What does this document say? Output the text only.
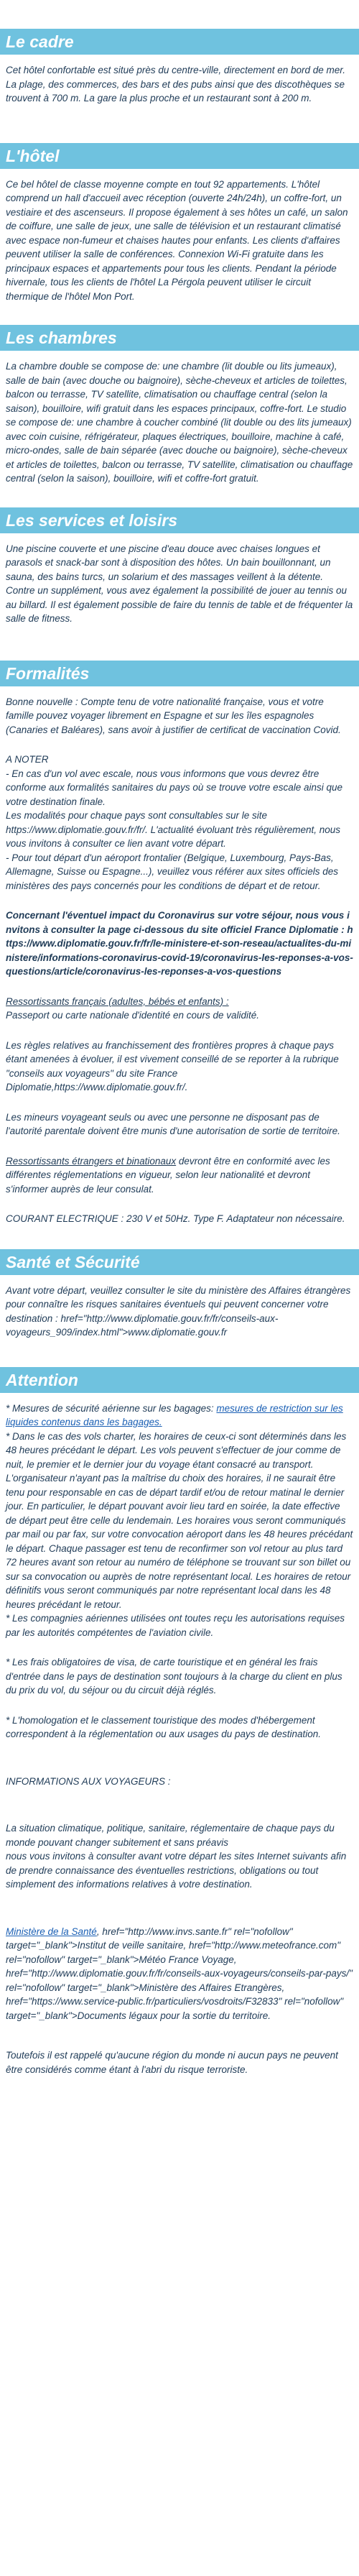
Le cadre

Cet hôtel confortable est situé près du centre-ville, directement en bord de mer. La plage, des commerces, des bars et des pubs ainsi que des discothèques se trouvent à 700 m. La gare la plus proche et un restaurant sont à 200 m.

L'hôtel

Ce bel hôtel de classe moyenne compte en tout 92 appartements. L'hôtel comprend un hall d'accueil avec réception (ouverte 24h/24h), un coffre-fort, un vestiaire et des ascenseurs. Il propose également à ses hôtes un café, un salon de coiffure, une salle de jeux, une salle de télévision et un restaurant climatisé avec espace non-fumeur et chaises hautes pour enfants. Les clients d'affaires peuvent utiliser la salle de conférences. Connexion Wi-Fi gratuite dans les principaux espaces et appartements pour tous les clients. Pendant la période hivernale, tous les clients de l'hôtel La Pérgola peuvent utiliser le circuit thermique de l'hôtel Mon Port.

Les chambres

La chambre double se compose de: une chambre (lit double ou lits jumeaux), salle de bain (avec douche ou baignoire), sèche-cheveux et articles de toilettes, balcon ou terrasse, TV satellite, climatisation ou chauffage central (selon la saison), bouilloire, wifi gratuit dans les espaces principaux, coffre-fort. Le studio se compose de: une chambre à coucher combiné (lit double ou des lits jumeaux) avec coin cuisine, réfrigérateur, plaques électriques, bouilloire, machine à café, micro-ondes, salle de bain séparée (avec douche ou baignoire), sèche-cheveux et articles de toilettes, balcon ou terrasse, TV satellite, climatisation ou chauffage central (selon la saison), bouilloire, wifi et coffre-fort gratuit.

Les services et loisirs

Une piscine couverte et une piscine d'eau douce avec chaises longues et parasols et snack-bar sont à disposition des hôtes. Un bain bouillonnant, un sauna, des bains turcs, un solarium et des massages veillent à la détente. Contre un supplément, vous avez également la possibilité de jouer au tennis ou au billard. Il est également possible de faire du tennis de table et de fréquenter la salle de fitness.

Formalités

Bonne nouvelle : Compte tenu de votre nationalité française, vous et votre famille pouvez voyager librement en Espagne et sur les îles espagnoles (Canaries et Baléares), sans avoir à justifier de certificat de vaccination Covid.

A NOTER
- En cas d'un vol avec escale, nous vous informons que vous devrez être conforme aux formalités sanitaires du pays où se trouve votre escale ainsi que votre destination finale.
Les modalités pour chaque pays sont consultables sur le site https://www.diplomatie.gouv.fr/fr/. L'actualité évoluant très régulièrement, nous vous invitons à consulter ce lien avant votre départ.
- Pour tout départ d'un aéroport frontalier (Belgique, Luxembourg, Pays-Bas, Allemagne, Suisse ou Espagne...), veuillez vous référer aux sites officiels des ministères des pays concernés pour les conditions de départ et de retour.

Concernant l'éventuel impact du Coronavirus sur votre séjour, nous vous invitons à consulter la page ci-dessous du site officiel France Diplomatie : https://www.diplomatie.gouv.fr/fr/le-ministere-et-son-reseau/actualites-du-ministere/informations-coronavirus-covid-19/coronavirus-les-reponses-a-vos-questions/article/coronavirus-les-reponses-a-vos-questions

Ressortissants français (adultes, bébés et enfants) :

Passeport ou carte nationale d'identité en cours de validité.

Les règles relatives au franchissement des frontières propres à chaque pays étant amenées à évoluer, il est vivement conseillé de se reporter à la rubrique "conseils aux voyageurs" du site France Diplomatie,https://www.diplomatie.gouv.fr/.

Les mineurs voyageant seuls ou avec une personne ne disposant pas de l'autorité parentale doivent être munis d'une autorisation de sortie de territoire.

Ressortissants étrangers et binationaux devront être en conformité avec les différentes réglementations en vigueur, selon leur nationalité et devront s'informer auprès de leur consulat.

COURANT ELECTRIQUE : 230 V et 50Hz. Type F. Adaptateur non nécessaire.

Santé et Sécurité

Avant votre départ, veuillez consulter le site du ministère des Affaires étrangères pour connaître les risques sanitaires éventuels qui peuvent concerner votre
destination : href="http://www.diplomatie.gouv.fr/fr/conseils-aux-voyageurs_909/index.html">www.diplomatie.gouv.fr

Attention

* Mesures de sécurité aérienne sur les bagages: mesures de restriction sur les liquides contenus dans les bagages.
* Dans le cas des vols charter, les horaires de ceux-ci sont déterminés dans les 48 heures précédant le départ. Les vols peuvent s'effectuer de jour comme de nuit, le premier et le dernier jour du voyage étant consacré au transport. L'organisateur n'ayant pas la maîtrise du choix des horaires, il ne saurait être tenu pour responsable en cas de départ tardif et/ou de retour matinal le dernier jour. En particulier, le départ pouvant avoir lieu tard en soirée, la date effective de départ peut être celle du lendemain. Les horaires vous seront communiqués par mail ou par fax, sur votre convocation aéroport dans les 48 heures précédant le départ. Chaque passager est tenu de reconfirmer son vol retour au plus tard 72 heures avant son retour au numéro de téléphone se trouvant sur son billet ou sur sa convocation ou auprès de notre représentant local. Les horaires de retour définitifs vous seront communiqués par notre représentant local dans les 48 heures précédant le retour.
* Les compagnies aériennes utilisées ont toutes reçu les autorisations requises par les autorités compétentes de l'aviation civile.

* Les frais obligatoires de visa, de carte touristique et en général les frais d'entrée dans le pays de destination sont toujours à la charge du client en plus du prix du vol, du séjour ou du circuit déjà réglés.

* L'homologation et le classement touristique des modes d'hébergement correspondent à la réglementation ou aux usages du pays de destination.

INFORMATIONS AUX VOYAGEURS :

La situation climatique, politique, sanitaire, réglementaire de chaque pays du monde pouvant changer subitement et sans préavis
nous vous invitons à consulter avant votre départ les sites Internet suivants afin de prendre connaissance des éventuelles restrictions, obligations ou tout simplement des informations relatives à votre destination.

Ministère de la Santé, href="http://www.invs.sante.fr" rel="nofollow" target="_blank">Institut de veille sanitaire, href="http://www.meteofrance.com" rel="nofollow" target="_blank">Météo France Voyage, href="http://www.diplomatie.gouv.fr/fr/conseils-aux-voyageurs/conseils-par-pays/" rel="nofollow" target="_blank">Ministère des Affaires Etrangères, href="https://www.service-public.fr/particuliers/vosdroits/F32833" rel="nofollow" target="_blank">Documents légaux pour la sortie du territoire.

Toutefois il est rappelé qu'aucune région du monde ni aucun pays ne peuvent être considérés comme étant à l'abri du risque terroriste.
